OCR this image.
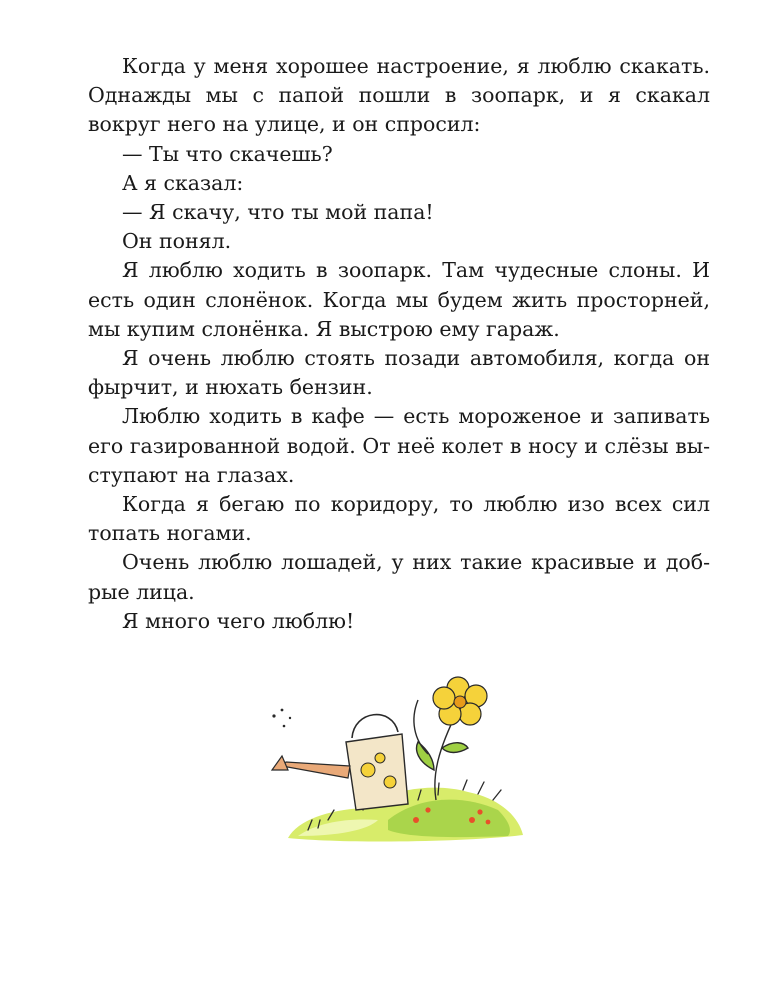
Когда у меня хорошее настроение, я люблю скакать. Однажды мы с папой пошли в зоопарк, и я скакал вокруг него на улице, и он спросил:

— Ты что скачешь?

А я сказал:

— Я скачу, что ты мой папа!

Он понял.

Я люблю ходить в зоопарк. Там чудесные слоны. И есть один слонёнок. Когда мы будем жить просторней, мы купим слонёнка. Я выстрою ему гараж.

Я очень люблю стоять позади автомобиля, когда он фырчит, и нюхать бензин.

Люблю ходить в кафе — есть мороженое и запивать его газированной водой. От неё колет в носу и слёзы вы-ступают на глазах.

Когда я бегаю по коридору, то люблю изо всех сил топать ногами.

Очень люблю лошадей, у них такие красивые и доб-рые лица.

Я много чего люблю!
